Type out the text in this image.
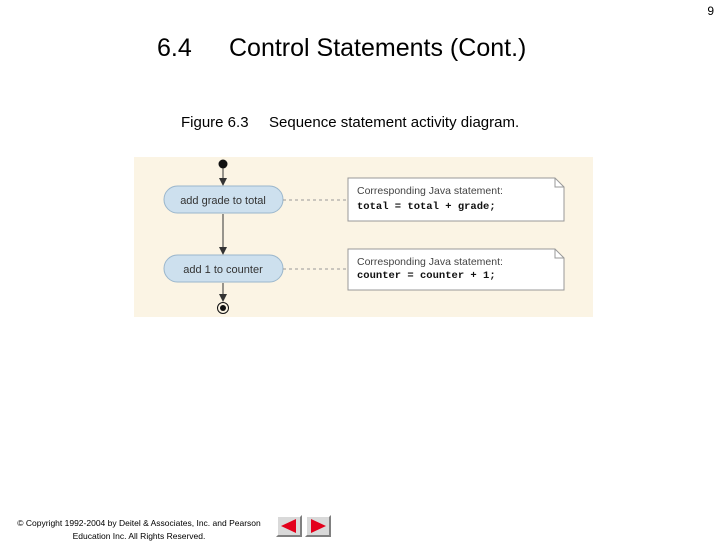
9
6.4 Control Statements (Cont.)
Figure 6.3 Sequence statement activity diagram.
add grade to total
add 1 to counter
Corresponding Java statement:
total = total + grade;
Corresponding Java statement:
counter = counter + 1;
© Copyright 1992-2004 by Deitel & Associates, Inc. and Pearson
Education Inc. All Rights Reserved.
